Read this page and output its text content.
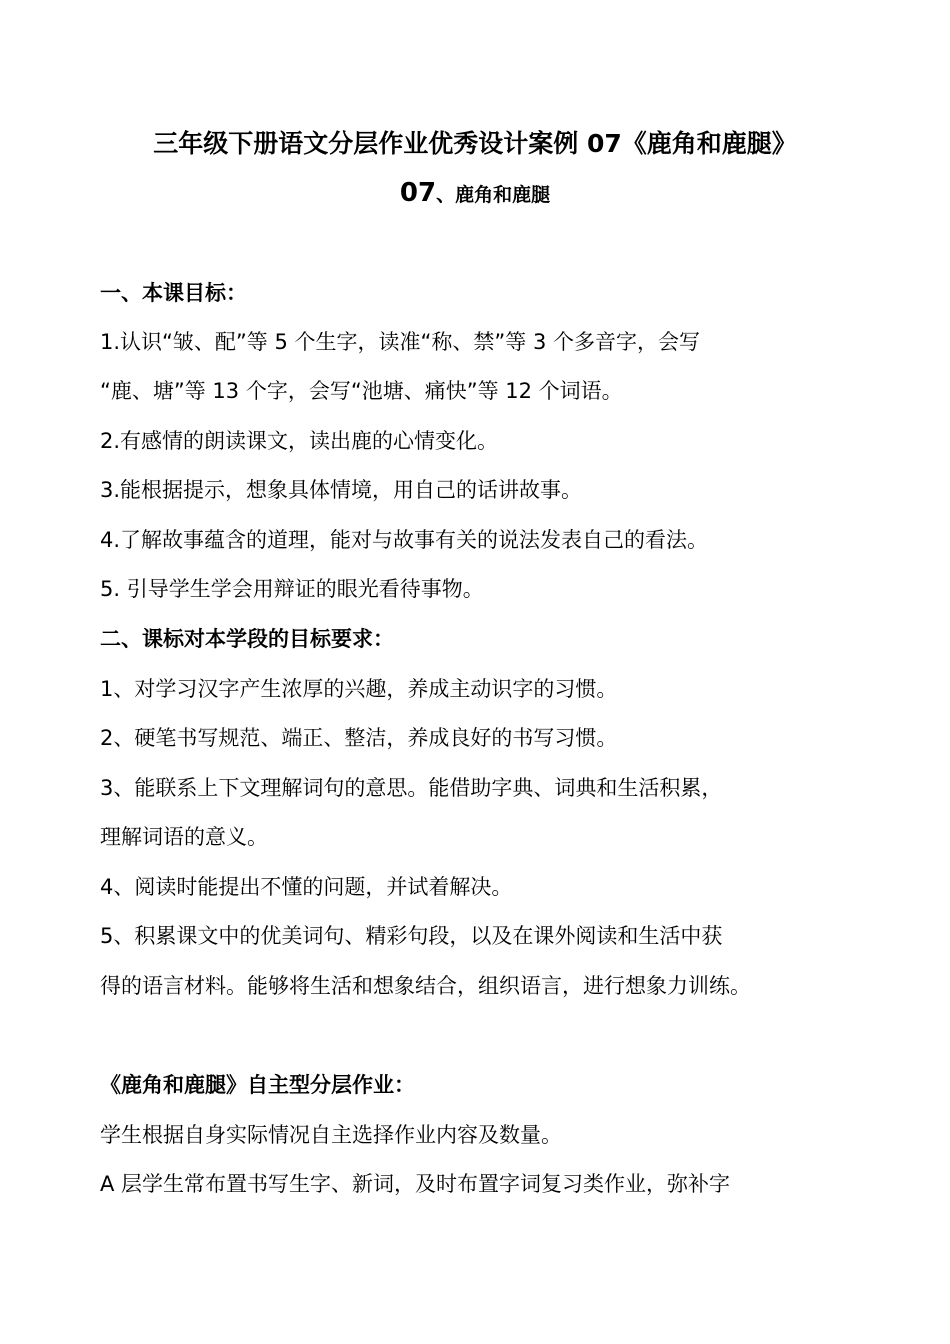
三年级下册语文分层作业优秀设计案例 07《鹿角和鹿腿》
07、鹿角和鹿腿
一、本课目标：
1.认识“皱、配”等 5 个生字，读准“称、禁”等 3 个多音字，会写
“鹿、塘”等 13 个字，会写“池塘、痛快”等 12 个词语。
2.有感情的朗读课文，读出鹿的心情变化。
3.能根据提示，想象具体情境，用自己的话讲故事。
4.了解故事蕴含的道理，能对与故事有关的说法发表自己的看法。
5. 引导学生学会用辩证的眼光看待事物。
二、课标对本学段的目标要求：
1、对学习汉字产生浓厚的兴趣，养成主动识字的习惯。
2、硬笔书写规范、端正、整洁，养成良好的书写习惯。
3、能联系上下文理解词句的意思。能借助字典、词典和生活积累，
理解词语的意义。
4、阅读时能提出不懂的问题，并试着解决。
5、积累课文中的优美词句、精彩句段，以及在课外阅读和生活中获
得的语言材料。能够将生活和想象结合，组织语言，进行想象力训练。
《鹿角和鹿腿》自主型分层作业：
学生根据自身实际情况自主选择作业内容及数量。
A 层学生常布置书写生字、新词，及时布置字词复习类作业，弥补字
